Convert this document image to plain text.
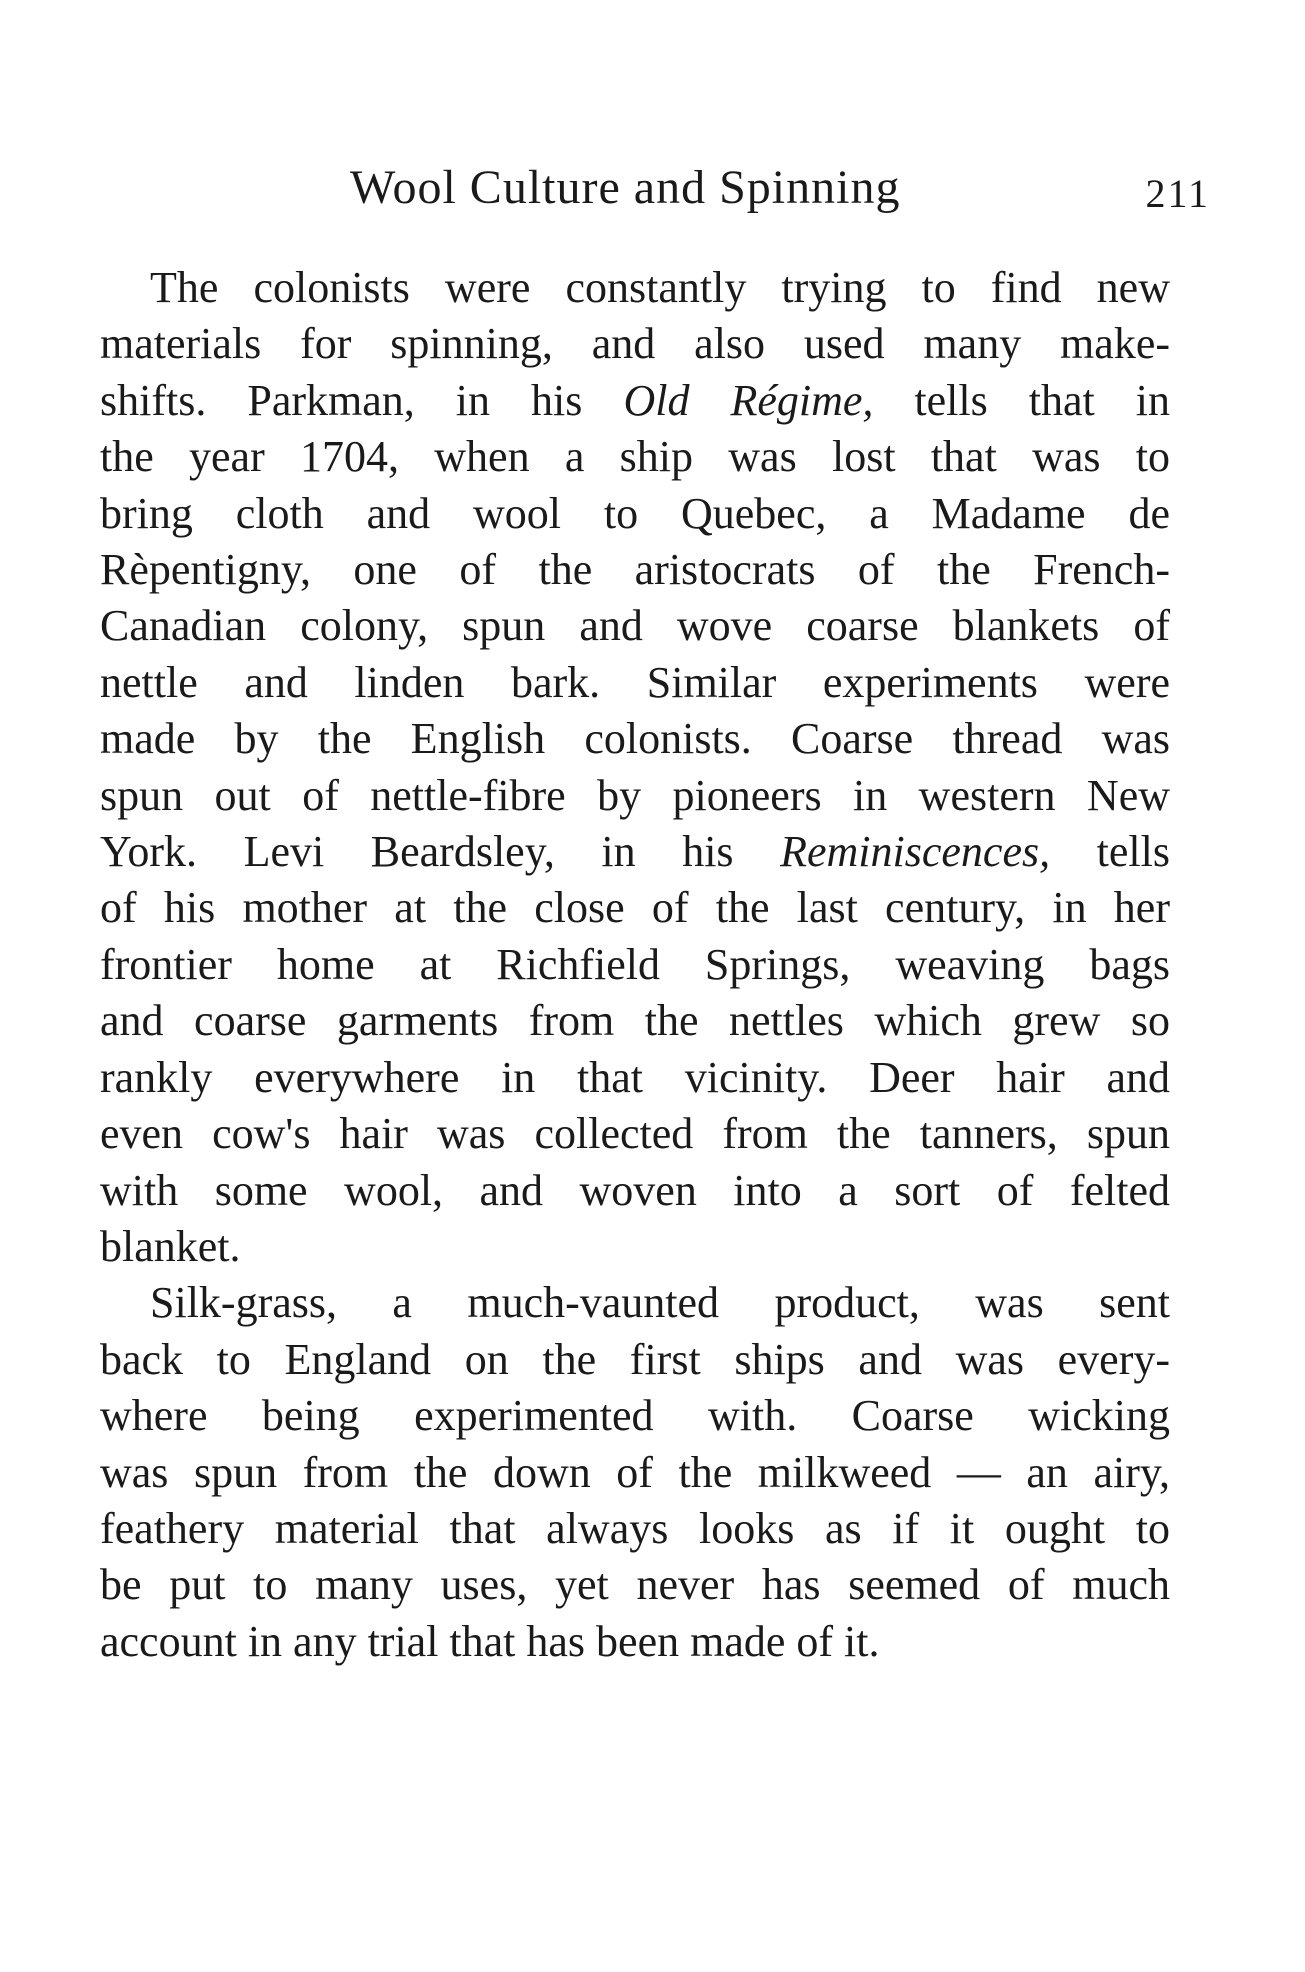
Wool Culture and Spinning	211

The colonists were constantly trying to find new
materials for spinning, and also used many make-
shifts. Parkman, in his Old Régime, tells that in
the year 1704, when a ship was lost that was to
bring cloth and wool to Quebec, a Madame de
Rèpentigny, one of the aristocrats of the French-
Canadian colony, spun and wove coarse blankets of
nettle and linden bark. Similar experiments were
made by the English colonists. Coarse thread was
spun out of nettle-fibre by pioneers in western New
York. Levi Beardsley, in his Reminiscences, tells
of his mother at the close of the last century, in her
frontier home at Richfield Springs, weaving bags
and coarse garments from the nettles which grew so
rankly everywhere in that vicinity. Deer hair and
even cow's hair was collected from the tanners, spun
with some wool, and woven into a sort of felted
blanket.

Silk-grass, a much-vaunted product, was sent
back to England on the first ships and was every-
where being experimented with. Coarse wicking
was spun from the down of the milkweed — an airy,
feathery material that always looks as if it ought to
be put to many uses, yet never has seemed of much
account in any trial that has been made of it.
